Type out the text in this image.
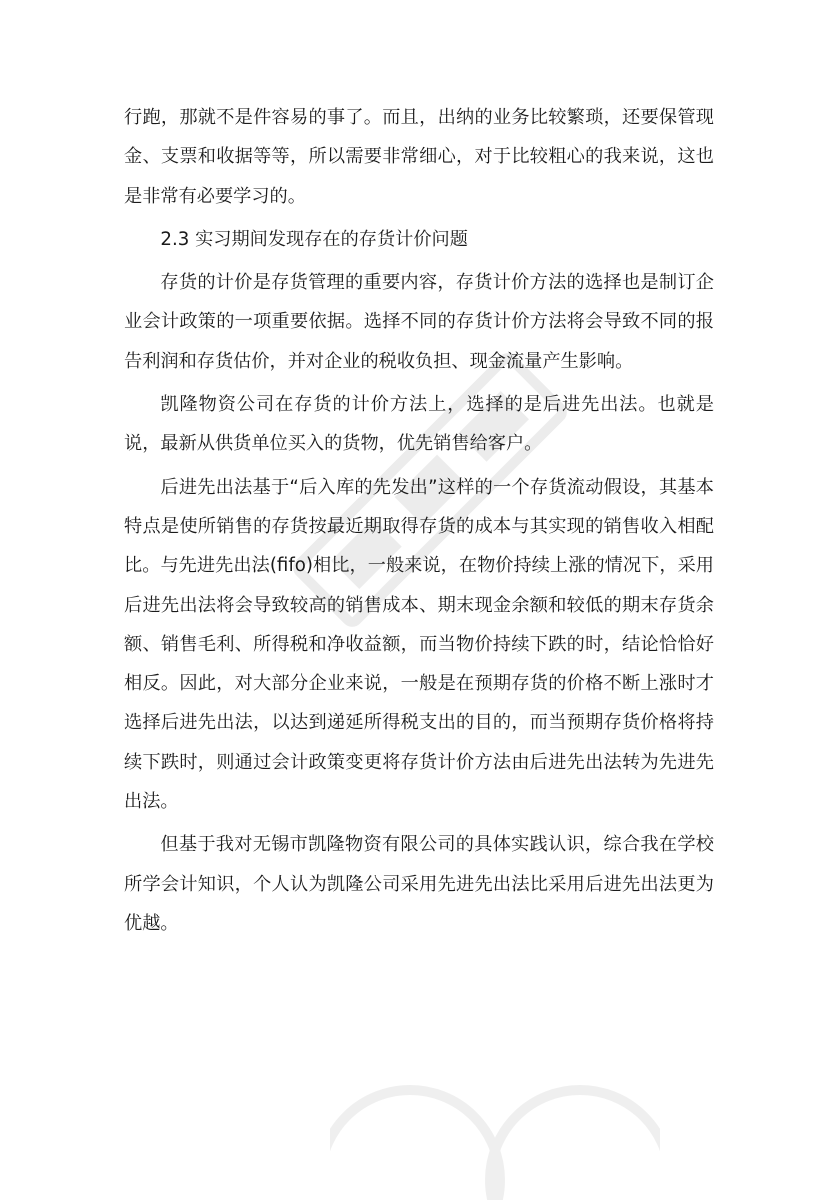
行跑，那就不是件容易的事了。而且，出纳的业务比较繁琐，还要保管现金、支票和收据等等，所以需要非常细心，对于比较粗心的我来说，这也是非常有必要学习的。

2.3 实习期间发现存在的存货计价问题

存货的计价是存货管理的重要内容，存货计价方法的选择也是制订企业会计政策的一项重要依据。选择不同的存货计价方法将会导致不同的报告利润和存货估价，并对企业的税收负担、现金流量产生影响。

凯隆物资公司在存货的计价方法上，选择的是后进先出法。也就是说，最新从供货单位买入的货物，优先销售给客户。

后进先出法基于“后入库的先发出”这样的一个存货流动假设，其基本特点是使所销售的存货按最近期取得存货的成本与其实现的销售收入相配比。与先进先出法(fifo)相比，一般来说，在物价持续上涨的情况下，采用后进先出法将会导致较高的销售成本、期末现金余额和较低的期末存货余额、销售毛利、所得税和净收益额，而当物价持续下跌的时，结论恰恰好相反。因此，对大部分企业来说，一般是在预期存货的价格不断上涨时才选择后进先出法，以达到递延所得税支出的目的，而当预期存货价格将持续下跌时，则通过会计政策变更将存货计价方法由后进先出法转为先进先出法。

但基于我对无锡市凯隆物资有限公司的具体实践认识，综合我在学校所学会计知识，个人认为凯隆公司采用先进先出法比采用后进先出法更为优越。
